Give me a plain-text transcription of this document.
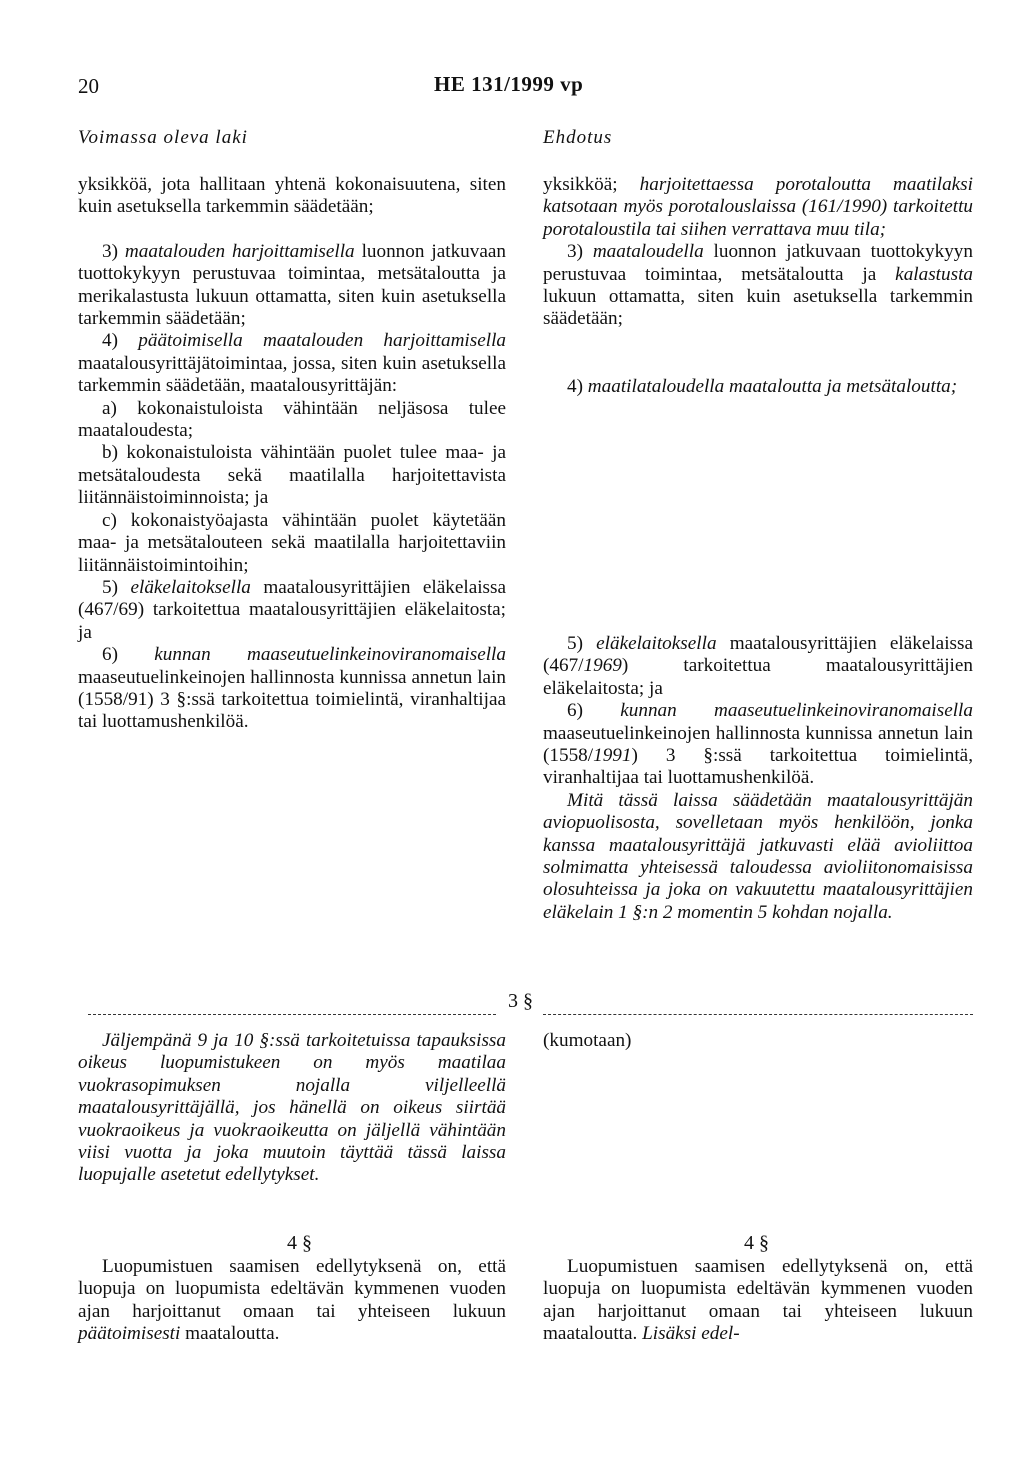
20	HE 131/1999 vp
Voimassa oleva laki	Ehdotus

yksikköä, jota hallitaan yhtenä kokonaisuutena, siten kuin asetuksella tarkemmin säädetään;

3) maatalouden harjoittamisella luonnon jatkuvaan tuottokykyyn perustuvaa toimintaa, metsätaloutta ja merikalastusta lukuun ottamatta, siten kuin asetuksella tarkemmin säädetään;

4) päätoimisella maatalouden harjoittamisella maatalousyrittäjätoimintaa, jossa, siten kuin asetuksella tarkemmin säädetään, maatalousyrittäjän:

a) kokonaistuloista vähintään neljäsosa tulee maataloudesta;

b) kokonaistuloista vähintään puolet tulee maa- ja metsätaloudesta sekä maatilalla harjoitettavista liitännäistoiminnoista; ja

c) kokonaistyöajasta vähintään puolet käytetään maa- ja metsätalouteen sekä maatilalla harjoitettaviin liitännäistoimintoihin;

5) eläkelaitoksella maatalousyrittäjien eläkelaissa (467/69) tarkoitettua maatalousyrittäjien eläkelaitosta; ja

6) kunnan maaseutuelinkeinoviranomaisella maaseutuelinkeinojen hallinnosta kunnissa annetun lain (1558/91) 3 §:ssä tarkoitettua toimielintä, viranhaltijaa tai luottamushenkilöä.

yksikköä; harjoitettaessa porotaloutta maatilaksi katsotaan myös porotalouslaissa (161/1990) tarkoitettu porotaloustila tai siihen verrattava muu tila;

3) maataloudella luonnon jatkuvaan tuottokykyyn perustuvaa toimintaa, metsätaloutta ja kalastusta lukuun ottamatta, siten kuin asetuksella tarkemmin säädetään;

4) maatilataloudella maataloutta ja metsätaloutta;

5) eläkelaitoksella maatalousyrittäjien eläkelaissa (467/1969) tarkoitettua maatalousyrittäjien eläkelaitosta; ja

6) kunnan maaseutuelinkeinoviranomaisella maaseutuelinkeinojen hallinnosta kunnissa annetun lain (1558/1991) 3 §:ssä tarkoitettua toimielintä, viranhaltijaa tai luottamushenkilöä.

Mitä tässä laissa säädetään maatalousyrittäjän aviopuolisosta, sovelletaan myös henkilöön, jonka kanssa maatalousyrittäjä jatkuvasti elää avioliittoa solmimatta yhteisessä taloudessa avioliitonomaisissa olosuhteissa ja joka on vakuutettu maatalousyrittäjien eläkelain 1 §:n 2 momentin 5 kohdan nojalla.

3 §

Jäljempänä 9 ja 10 §:ssä tarkoitetuissa tapauksissa oikeus luopumistukeen on myös maatilaa vuokrasopimuksen nojalla viljelleellä maatalousyrittäjällä, jos hänellä on oikeus siirtää vuokraoikeus ja vuokraoikeutta on jäljellä vähintään viisi vuotta ja joka muutoin täyttää tässä laissa luopujalle asetetut edellytykset.

(kumotaan)
4 §	4 §

Luopumistuen saamisen edellytyksenä on, että luopuja on luopumista edeltävän kymmenen vuoden ajan harjoittanut omaan tai yhteiseen lukuun päätoimisesti maataloutta.

Luopumistuen saamisen edellytyksenä on, että luopuja on luopumista edeltävän kymmenen vuoden ajan harjoittanut omaan tai yhteiseen lukuun maataloutta. Lisäksi edel-
